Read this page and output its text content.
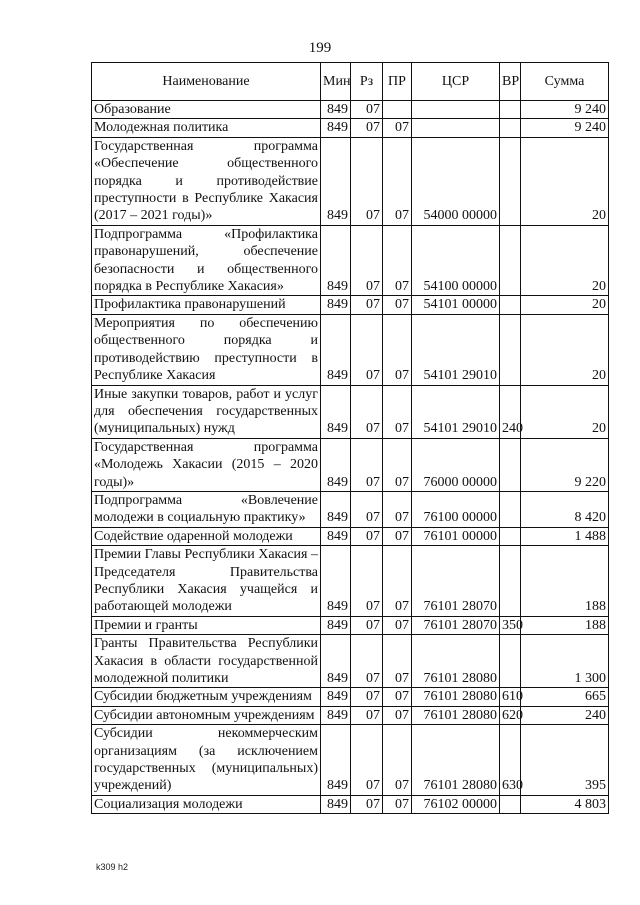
199
Наименование	Мин	Рз	ПР	ЦСР	ВР	Сумма
Образование	849	07				9 240
Молодежная политика	849	07	07			9 240
Государственная программа «Обеспечение общественного порядка и противодействие преступности в Республике Хакасия (2017 – 2021 годы)»	849	07	07	54000 00000		20
Подпрограмма «Профилактика правонарушений, обеспечение безопасности и общественного порядка в Республике Хакасия»	849	07	07	54100 00000		20
Профилактика правонарушений	849	07	07	54101 00000		20
Мероприятия по обеспечению общественного порядка и противодействию преступности в Республике Хакасия	849	07	07	54101 29010		20
Иные закупки товаров, работ и услуг для обеспечения государственных (муниципальных) нужд	849	07	07	54101 29010	240	20
Государственная программа «Молодежь Хакасии (2015 – 2020 годы)»	849	07	07	76000 00000		9 220
Подпрограмма «Вовлечение молодежи в социальную практику»	849	07	07	76100 00000		8 420
Содействие одаренной молодежи	849	07	07	76101 00000		1 488
Премии Главы Республики Хакасия – Председателя Правительства Республики Хакасия учащейся и работающей молодежи	849	07	07	76101 28070		188
Премии и гранты	849	07	07	76101 28070	350	188
Гранты Правительства Республики Хакасия в области государственной молодежной политики	849	07	07	76101 28080		1 300
Субсидии бюджетным учреждениям	849	07	07	76101 28080	610	665
Субсидии автономным учреждениям	849	07	07	76101 28080	620	240
Субсидии некоммерческим организациям (за исключением государственных (муниципальных) учреждений)	849	07	07	76101 28080	630	395
Социализация молодежи	849	07	07	76102 00000		4 803
k309 h2
